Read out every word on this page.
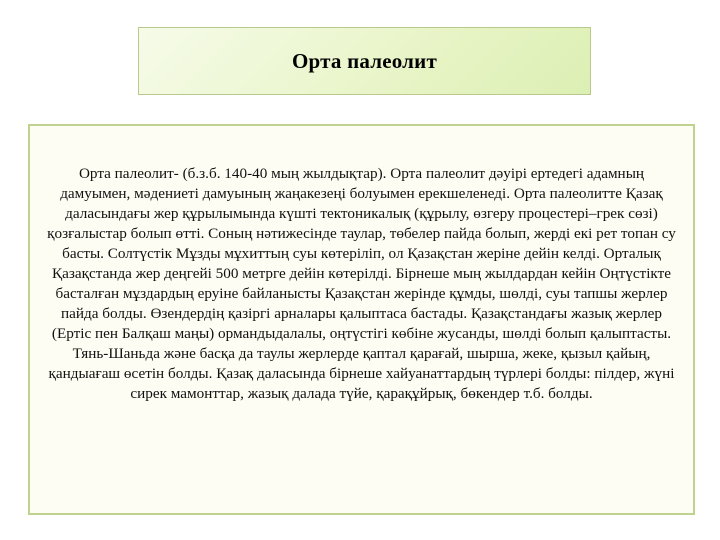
Орта палеолит

Орта палеолит- (б.з.б. 140-40 мың жылдықтар). Орта палеолит дәуірі ертедегі адамның дамуымен, мәдениеті дамуының жаңакезеңі болуымен ерекшеленеді. Орта палеолитте Қазақ даласындағы жер құрылымында күшті тектоникалық (құрылу, өзгеру процестері–грек сөзі) қозғалыстар болып өтті. Соның нәтижесінде таулар, төбелер пайда болып, жерді екі рет топан су басты. Солтүстік Мұзды мұхиттың суы көтеріліп, ол Қазақстан жеріне дейін келді. Орталық Қазақстанда жер деңгейі 500 метрге дейін көтерілді. Бірнеше мың жылдардан кейін Оңтүстікте басталған мұздардың еруіне байланысты Қазақстан жерінде құмды, шөлді, суы тапшы жерлер пайда болды. Өзендердің қазіргі арналары қалыптаса бастады. Қазақстандағы жазық жерлер (Ертіс пен Балқаш маңы) ормандыдалалы, оңтүстігі көбіне жусанды, шөлді болып қалыптасты. Тянь-Шаньда және басқа да таулы жерлерде қаптал қарағай, шырша, жеке, қызыл қайың, қандыағаш өсетін болды. Қазақ даласында бірнеше хайуанаттардың түрлері болды: пілдер, жүні сирек мамонттар, жазық далада түйе, қарақұйрық, бөкендер т.б. болды.
